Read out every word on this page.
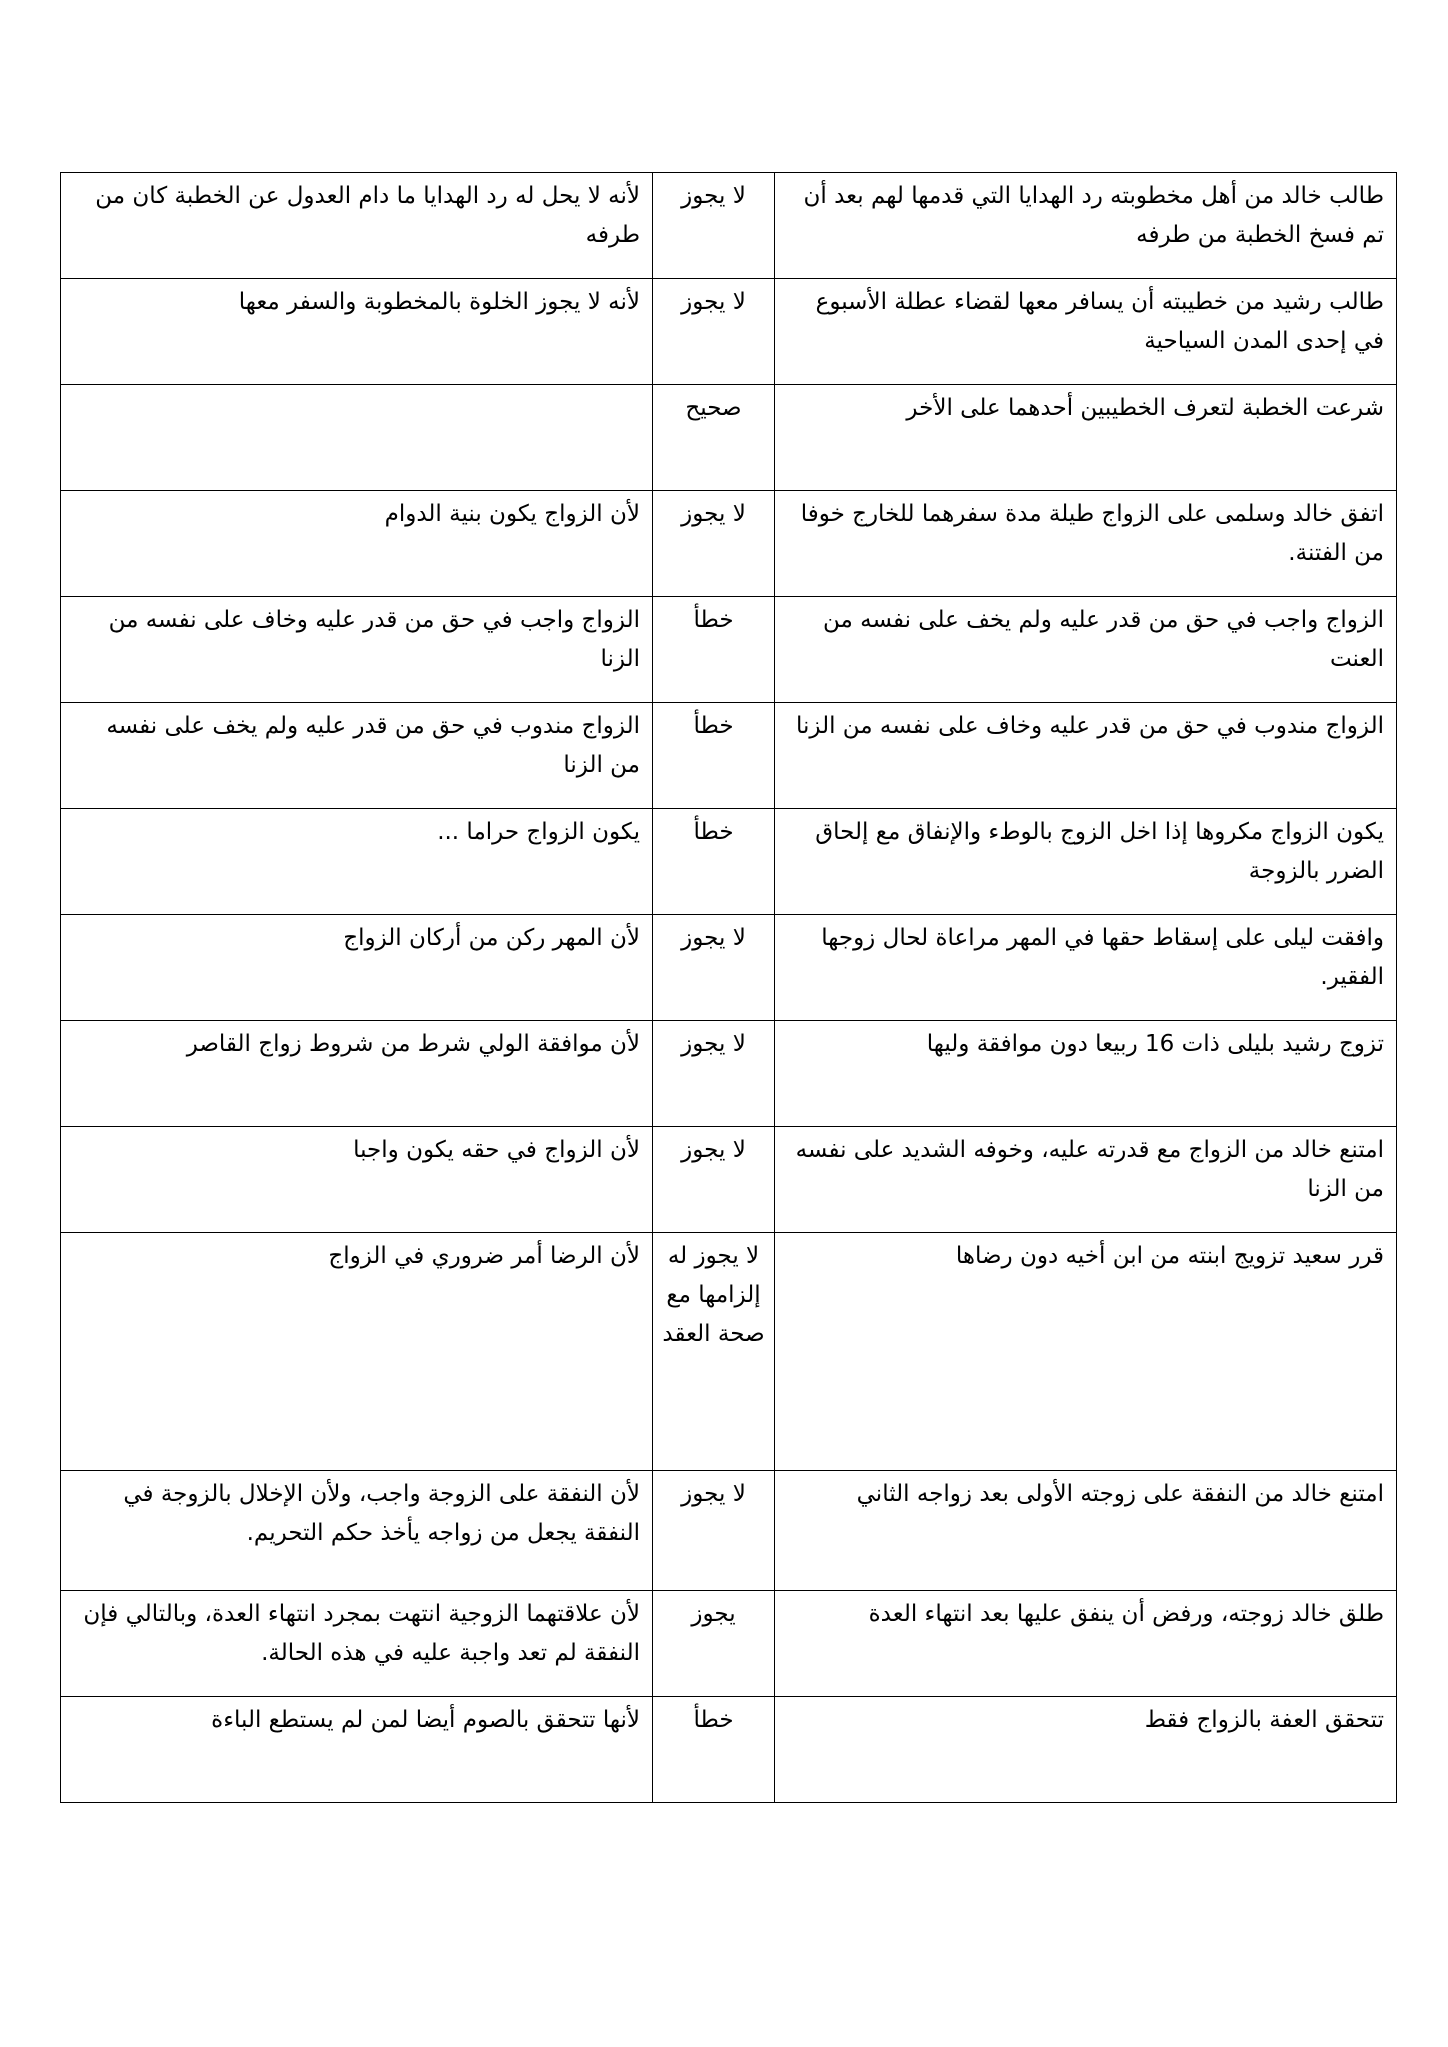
طالب خالد من أهل مخطوبته رد الهدايا التي قدمها لهم بعد أن تم فسخ الخطبة من طرفه	لا يجوز	لأنه لا يحل له رد الهدايا ما دام العدول عن الخطبة كان من طرفه
طالب رشيد من خطيبته أن يسافر معها لقضاء عطلة الأسبوع في إحدى المدن السياحية	لا يجوز	لأنه لا يجوز الخلوة بالمخطوبة والسفر معها
شرعت الخطبة لتعرف الخطيبين أحدهما على الأخر	صحيح	
اتفق خالد وسلمى على الزواج طيلة مدة سفرهما للخارج خوفا من الفتنة.	لا يجوز	لأن الزواج يكون بنية الدوام
الزواج واجب في حق من قدر عليه ولم يخف على نفسه من العنت	خطأ	الزواج واجب في حق من قدر عليه وخاف على نفسه من الزنا
الزواج مندوب في حق من قدر عليه وخاف على نفسه من الزنا	خطأ	الزواج مندوب في حق من قدر عليه ولم يخف على نفسه من الزنا
يكون الزواج مكروها إذا اخل الزوج بالوطء والإنفاق مع إلحاق الضرر بالزوجة	خطأ	يكون الزواج حراما ...
وافقت ليلى على إسقاط حقها في المهر مراعاة لحال زوجها الفقير.	لا يجوز	لأن المهر ركن من أركان الزواج
تزوج رشيد بليلى ذات 16 ربيعا دون موافقة وليها	لا يجوز	لأن موافقة الولي شرط من شروط زواج القاصر
امتنع خالد من الزواج مع قدرته عليه، وخوفه الشديد على نفسه من الزنا	لا يجوز	لأن الزواج في حقه يكون واجبا
قرر سعيد تزويج ابنته من ابن أخيه دون رضاها	لا يجوز له إلزامها مع صحة العقد	لأن الرضا أمر ضروري في الزواج
امتنع خالد من النفقة على زوجته الأولى بعد زواجه الثاني	لا يجوز	لأن النفقة على الزوجة واجب، ولأن الإخلال بالزوجة في النفقة يجعل من زواجه يأخذ حكم التحريم.
طلق خالد زوجته، ورفض أن ينفق عليها بعد انتهاء العدة	يجوز	لأن علاقتهما الزوجية انتهت بمجرد انتهاء العدة، وبالتالي فإن النفقة لم تعد واجبة عليه في هذه الحالة.
تتحقق العفة بالزواج فقط	خطأ	لأنها تتحقق بالصوم أيضا لمن لم يستطع الباءة
